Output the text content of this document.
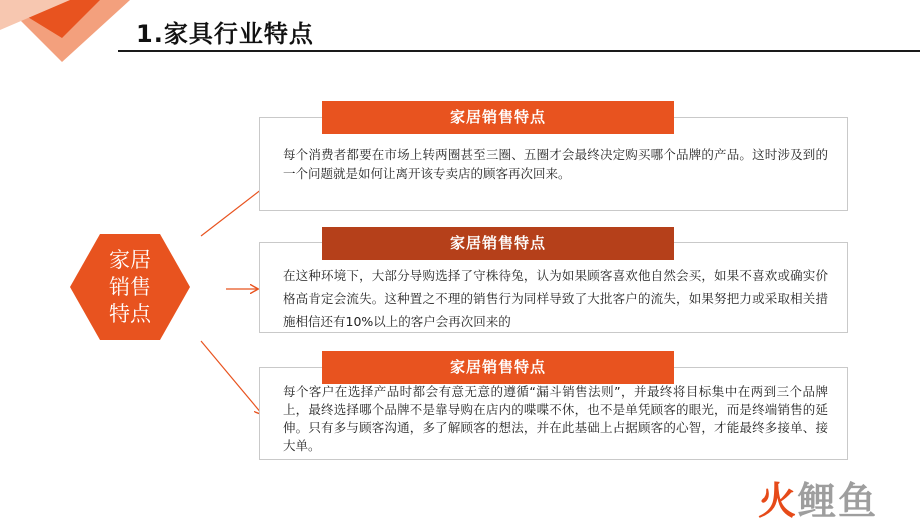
1.家具行业特点
家居
销售
特点
家居销售特点
每个消费者都要在市场上转两圈甚至三圈、五圈才会最终决定购买哪个品牌的产品。这时涉及到的一个问题就是如何让离开该专卖店的顾客再次回来。
家居销售特点
在这种环境下，大部分导购选择了守株待兔，认为如果顾客喜欢他自然会买，如果不喜欢或确实价格高肯定会流失。这种置之不理的销售行为同样导致了大批客户的流失，如果努把力或采取相关措施相信还有10%以上的客户会再次回来的
家居销售特点
每个客户在选择产品时都会有意无意的遵循“漏斗销售法则”，并最终将目标集中在两到三个品牌上，最终选择哪个品牌不是靠导购在店内的喋喋不休，也不是单凭顾客的眼光，而是终端销售的延伸。只有多与顾客沟通，多了解顾客的想法，并在此基础上占据顾客的心智，才能最终多接单、接大单。
火鲤鱼
